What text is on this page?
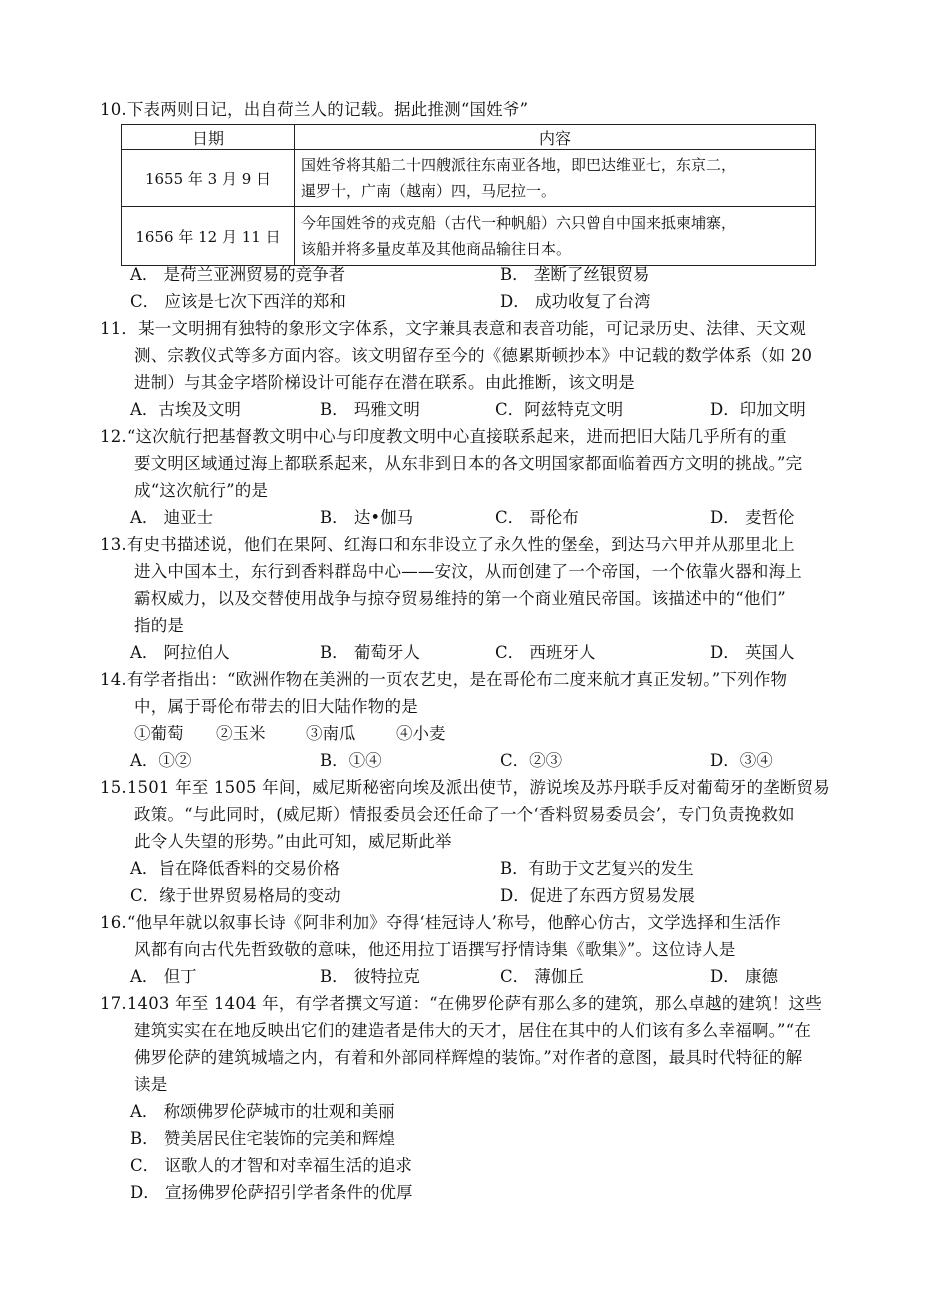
10.下表两则日记，出自荷兰人的记载。据此推测“国姓爷”
日期	内容
1655 年 3 月 9 日	国姓爷将其船二十四艘派往东南亚各地，即巴达维亚七，东京二，
暹罗十，广南（越南）四，马尼拉一。

1656 年 12 月 11 日	今年国姓爷的戎克船（古代一种帆船）六只曾自中国来抵柬埔寨，
该船并将多量皮革及其他商品输往日本。
A． 是荷兰亚洲贸易的竞争者	B． 垄断了丝银贸易
C． 应该是七次下西洋的郑和	D． 成功收复了台湾
11．某一文明拥有独特的象形文字体系，文字兼具表意和表音功能，可记录历史、法律、天文观
测、宗教仪式等多方面内容。该文明留存至今的《德累斯顿抄本》中记载的数学体系（如 20
进制）与其金字塔阶梯设计可能存在潜在联系。由此推断，该文明是
A．古埃及文明	B． 玛雅文明	C．阿兹特克文明	D．印加文明
12.“这次航行把基督教文明中心与印度教文明中心直接联系起来，进而把旧大陆几乎所有的重
要文明区域通过海上都联系起来，从东非到日本的各文明国家都面临着西方文明的挑战。”完
成“这次航行”的是
A． 迪亚士	B． 达•伽马	C． 哥伦布	D． 麦哲伦
13.有史书描述说，他们在果阿、红海口和东非设立了永久性的堡垒，到达马六甲并从那里北上
进入中国本土，东行到香料群岛中心——安汶，从而创建了一个帝国，一个依靠火器和海上
霸权威力，以及交替使用战争与掠夺贸易维持的第一个商业殖民帝国。该描述中的“他们”
指的是
A． 阿拉伯人	B． 葡萄牙人	C． 西班牙人	D． 英国人
14.有学者指出：“欧洲作物在美洲的一页农艺史，是在哥伦布二度来航才真正发轫。”下列作物
中，属于哥伦布带去的旧大陆作物的是
①葡萄 ②玉米 ③南瓜 ④小麦
A．①②	B．①④	C．②③	D．③④
15.1501 年至 1505 年间，威尼斯秘密向埃及派出使节，游说埃及苏丹联手反对葡萄牙的垄断贸易
政策。“与此同时，(威尼斯）情报委员会还任命了一个‘香料贸易委员会’，专门负责挽救如
此令人失望的形势。”由此可知，威尼斯此举
A．旨在降低香料的交易价格	B．有助于文艺复兴的发生
C．缘于世界贸易格局的变动	D．促进了东西方贸易发展
16.“他早年就以叙事长诗《阿非利加》夺得‘桂冠诗人’称号，他醉心仿古，文学选择和生活作
风都有向古代先哲致敬的意味，他还用拉丁语撰写抒情诗集《歌集》”。这位诗人是
A． 但丁	B． 彼特拉克	C． 薄伽丘	D． 康德
17.1403 年至 1404 年，有学者撰文写道：“在佛罗伦萨有那么多的建筑，那么卓越的建筑！这些
建筑实实在在地反映出它们的建造者是伟大的天才，居住在其中的人们该有多么幸福啊。”“在
佛罗伦萨的建筑城墙之内，有着和外部同样辉煌的装饰。”对作者的意图，最具时代特征的解
读是
A． 称颂佛罗伦萨城市的壮观和美丽
B． 赞美居民住宅装饰的完美和辉煌
C． 讴歌人的才智和对幸福生活的追求
D． 宣扬佛罗伦萨招引学者条件的优厚
